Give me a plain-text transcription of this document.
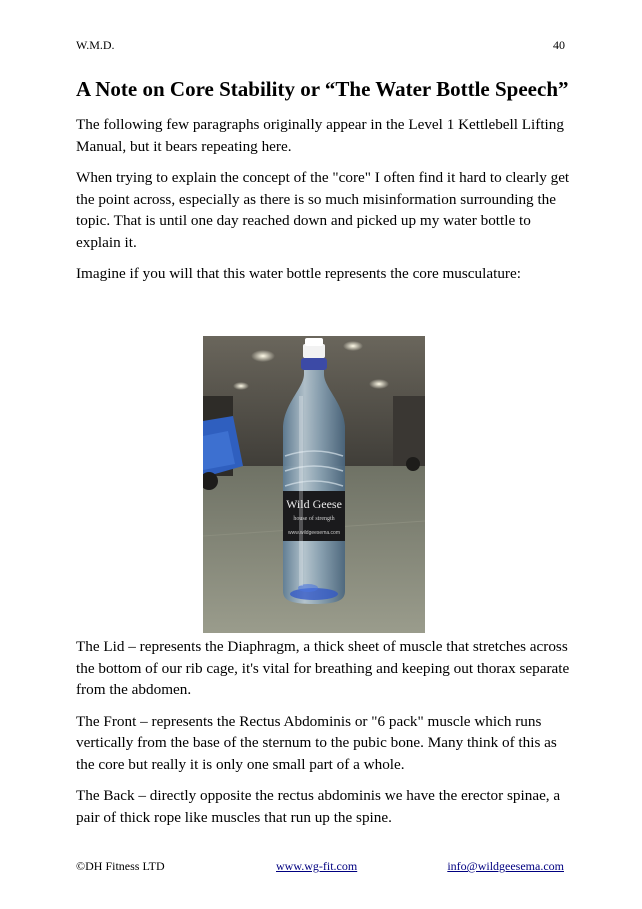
W.M.D.	40
A Note on Core Stability or “The Water Bottle Speech”

The following few paragraphs originally appear in the Level 1 Kettlebell Lifting Manual, but it bears repeating here.

When trying to explain the concept of the "core" I often find it hard to clearly get the point across, especially as there is so much misinformation surrounding the topic. That is until one day reached down and picked up my water bottle to explain it.

Imagine if you will that this water bottle represents the core musculature:

Wild Geese
house of strength
www.wildgeesema.com

The Lid – represents the Diaphragm, a thick sheet of muscle that stretches across the bottom of our rib cage, it's vital for breathing and keeping out thorax separate from the abdomen.

The Front – represents the Rectus Abdominis or "6 pack" muscle which runs vertically from the base of the sternum to the pubic bone. Many think of this as the core but really it is only one small part of a whole.

The Back – directly opposite the rectus abdominis we have the erector spinae, a pair of thick rope like muscles that run up the spine.

©DH Fitness LTD	www.wg-fit.com	info@wildgeesema.com
